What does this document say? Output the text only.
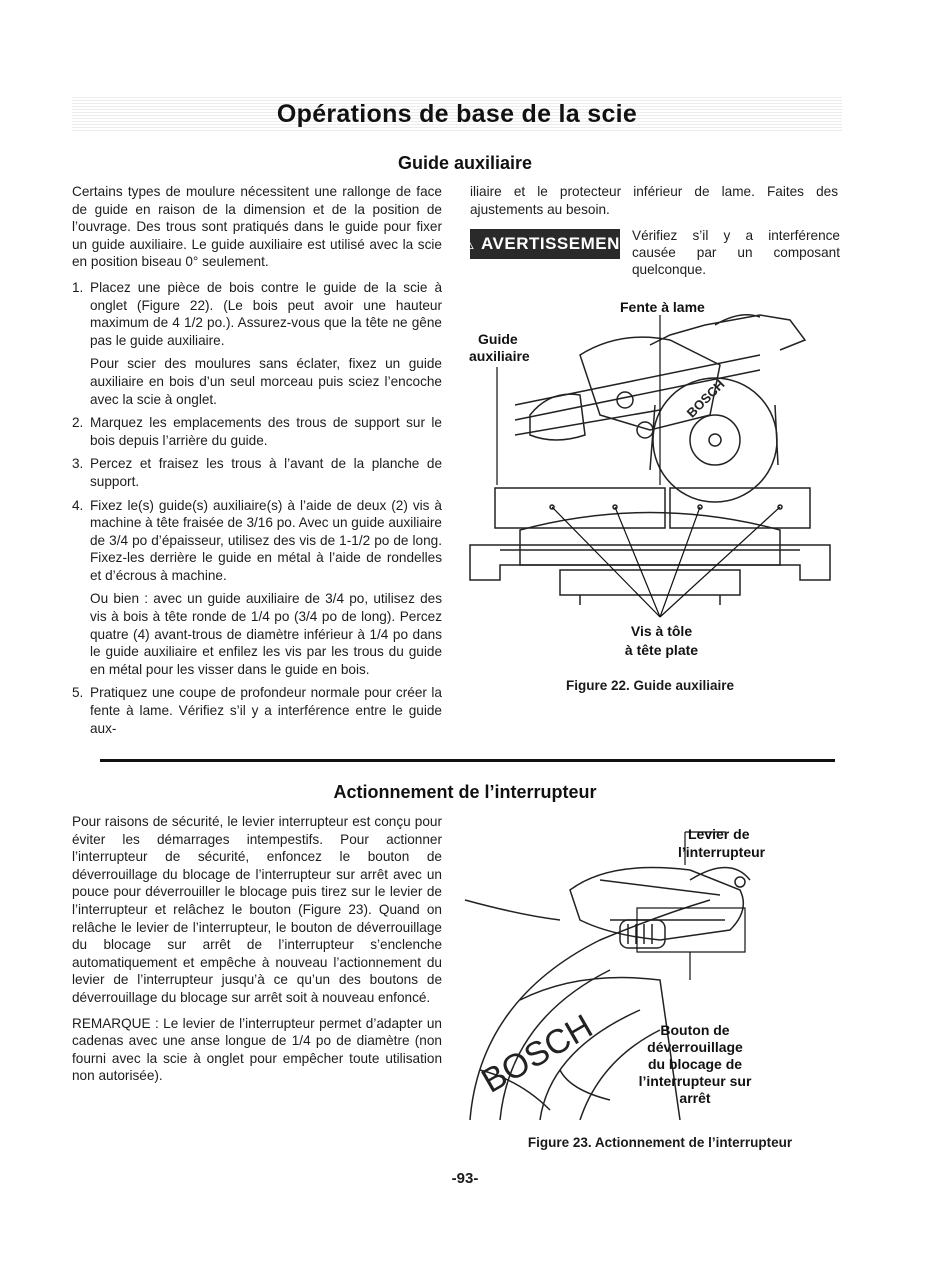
Opérations de base de la scie
Guide auxiliaire

Certains types de moulure nécessitent une rallonge de face de guide en raison de la dimension et de la position de l’ouvrage. Des trous sont pratiqués dans le guide pour fixer un guide auxiliaire. Le guide auxiliaire est utilisé avec la scie en position biseau 0° seulement.

1. Placez une pièce de bois contre le guide de la scie à onglet (Figure 22). (Le bois peut avoir une hauteur maximum de 4 1/2 po.). Assurez-vous que la tête ne gêne pas le guide auxiliaire.

Pour scier des moulures sans éclater, fixez un guide auxiliaire en bois d’un seul morceau puis sciez l’encoche avec la scie à onglet.

2. Marquez les emplacements des trous de support sur le bois depuis l’arrière du guide.
3. Percez et fraisez les trous à l’avant de la planche de support.
4. Fixez le(s) guide(s) auxiliaire(s) à l’aide de deux (2) vis à machine à tête fraisée de 3/16 po. Avec un guide auxiliaire de 3/4 po d’épaisseur, utilisez des vis de 1-1/2 po de long. Fixez-les derrière le guide en métal à l’aide de rondelles et d’écrous à machine.

Ou bien : avec un guide auxiliaire de 3/4 po, utilisez des vis à bois à tête ronde de 1/4 po (3/4 po de long). Percez quatre (4) avant-trous de diamètre inférieur à 1/4 po dans le guide auxiliaire et enfilez les vis par les trous du guide en métal pour les visser dans le guide en bois.

5. Pratiquez une coupe de profondeur normale pour créer la fente à lame. Vérifiez s’il y a interférence entre le guide aux-
iliaire et le protecteur inférieur de lame. Faites des ajustements au besoin.
⚠ AVERTISSEMENT Vérifiez s’il y a interférence causée par un composant quelconque.
BOSCH
Fente à lame
Guide
auxiliaire
Vis à tôle
à tête plate
Figure 22. Guide auxiliaire
Actionnement de l’interrupteur

Pour raisons de sécurité, le levier interrupteur est conçu pour éviter les démarrages intempestifs. Pour actionner l’interrupteur de sécurité, enfoncez le bouton de déverrouillage du blocage de l’interrupteur sur arrêt avec un pouce pour déverrouiller le blocage puis tirez sur le levier de l’interrupteur et relâchez le bouton (Figure 23). Quand on relâche le levier de l’interrupteur, le bouton de déverrouillage du blocage sur arrêt de l’interrupteur s’enclenche automatiquement et empêche à nouveau l’actionnement du levier de l’interrupteur jusqu’à ce qu’un des boutons de déverrouillage du blocage sur arrêt soit à nouveau enfoncé.

REMARQUE : Le levier de l’interrupteur permet d’adapter un cadenas avec une anse longue de 1/4 po de diamètre (non fourni avec la scie à onglet pour empêcher toute utilisation non autorisée).	BOSCH
Levier de
l’interrupteur
Bouton de
déverrouillage
du blocage de
l’interrupteur sur
arrêt
Figure 23. Actionnement de l’interrupteur
-93-
